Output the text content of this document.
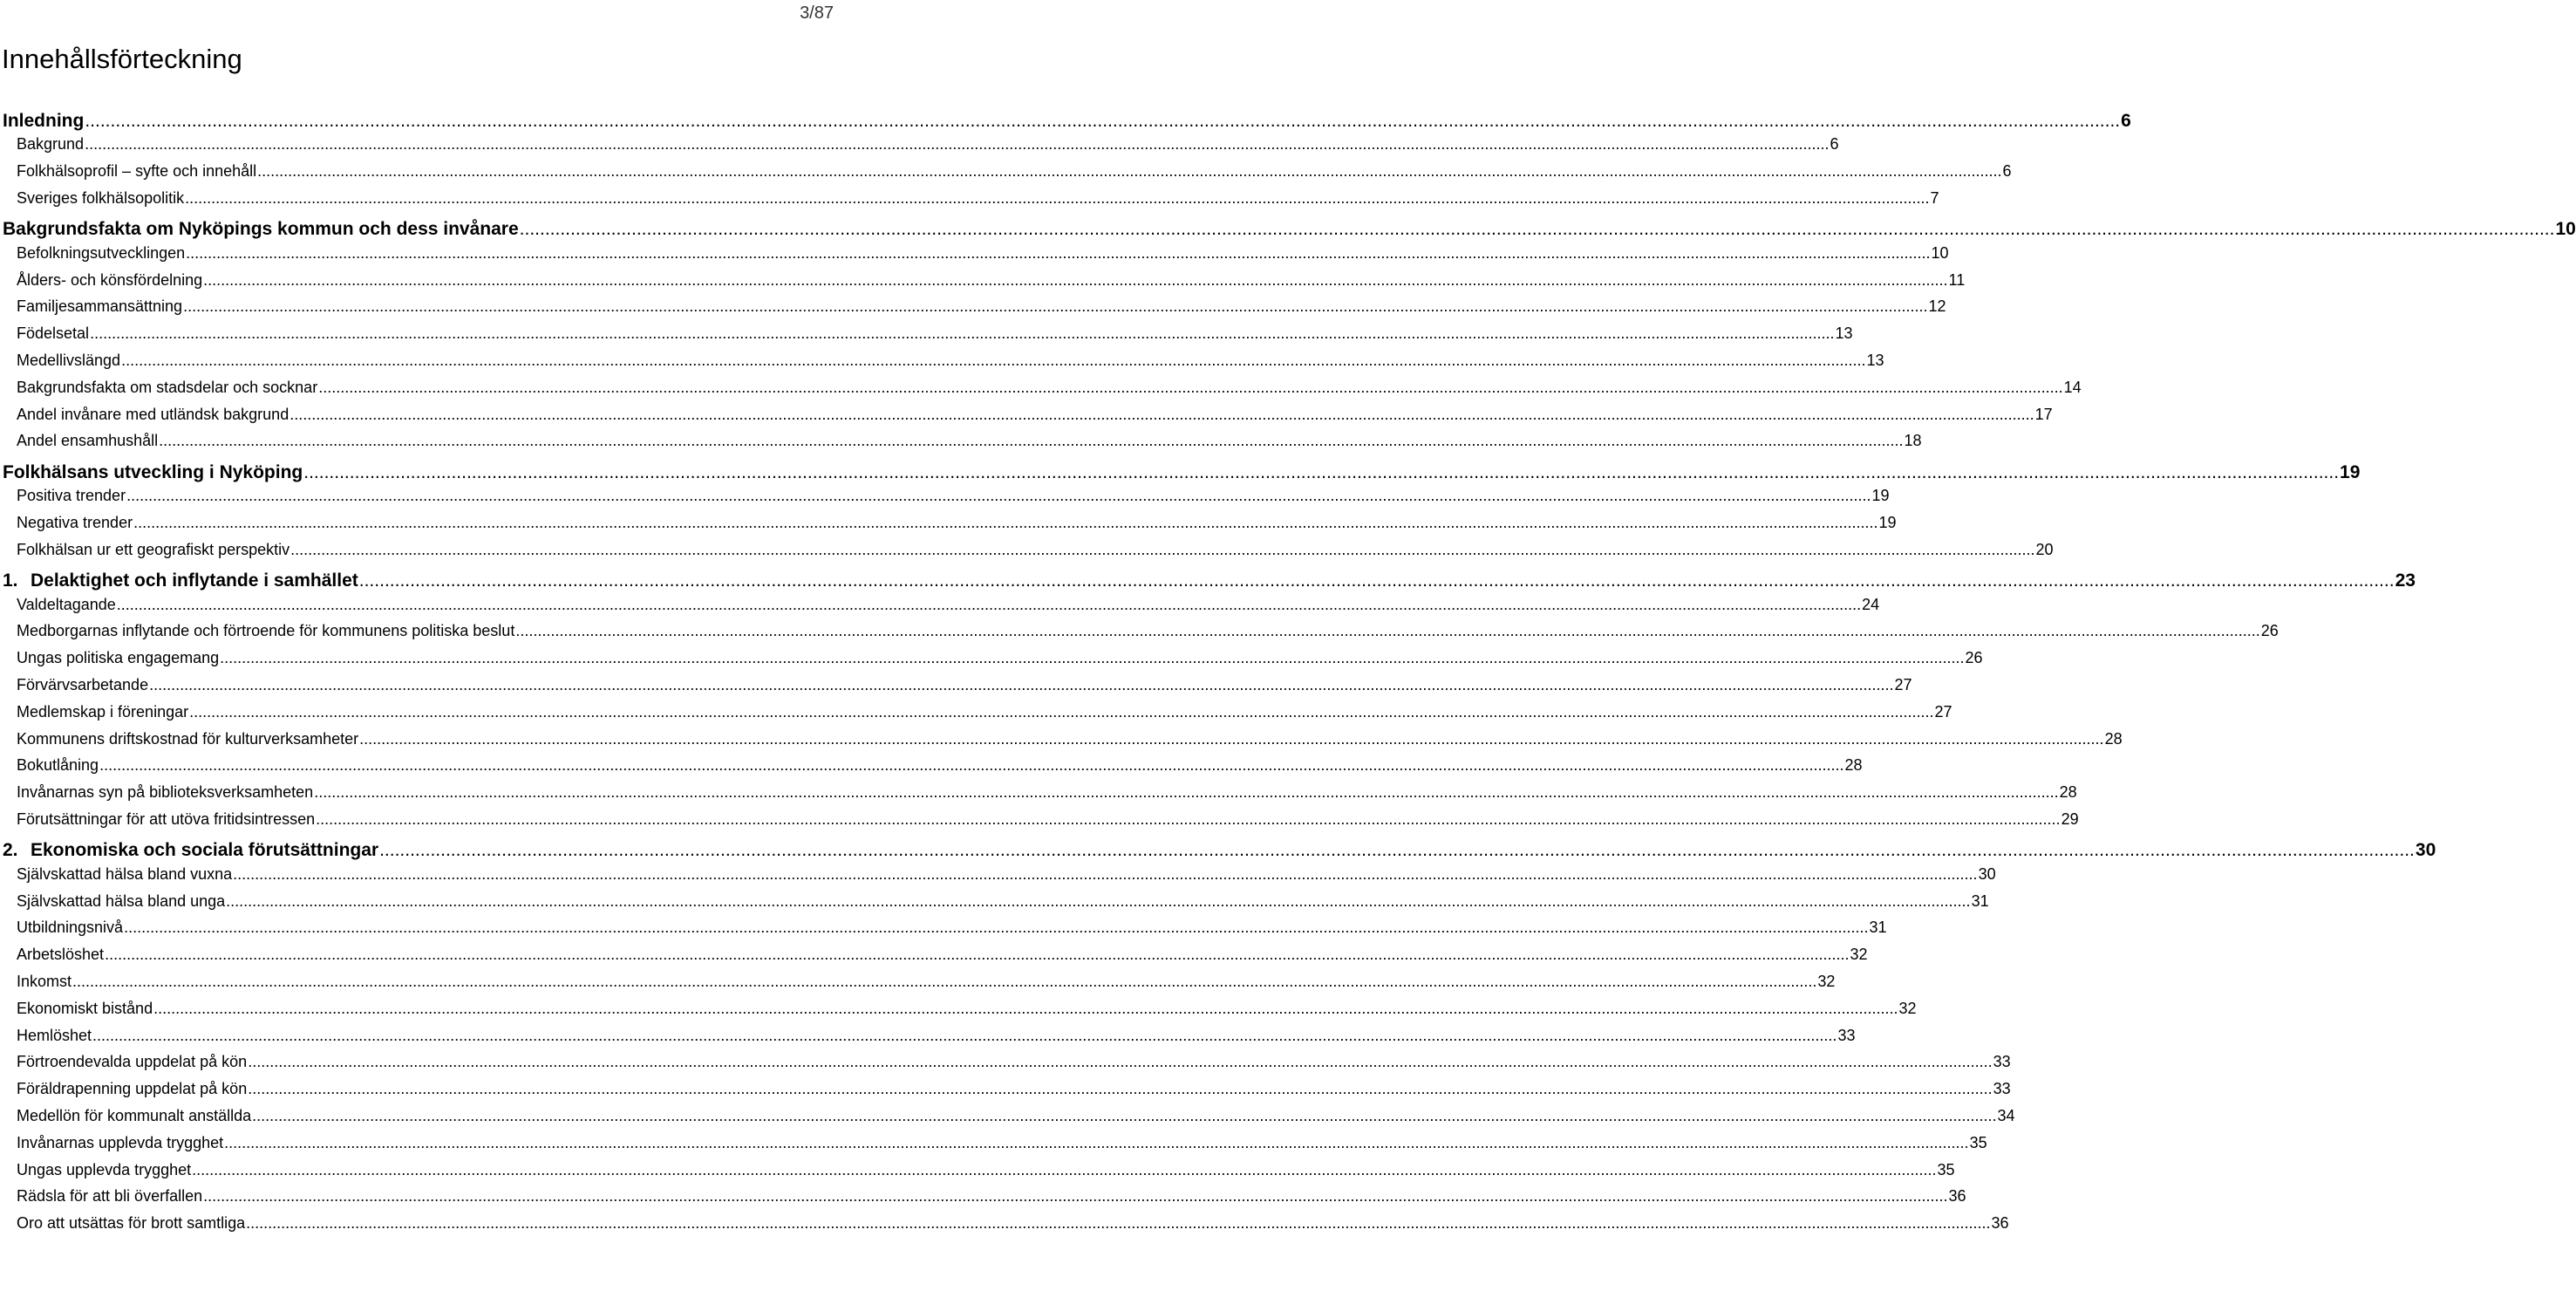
3/87
Innehållsförteckning
Inledning ................................................................................................................................................................................................................................................................................................................................................................................................................ 6
Bakgrund ................................................................................................................................................................................................................................................................................................................................................................................................................ 6
Folkhälsoprofil – syfte och innehåll ................................................................................................................................................................................................................................................................................................................................................................................................................ 6
Sveriges folkhälsopolitik ................................................................................................................................................................................................................................................................................................................................................................................................................ 7
Bakgrundsfakta om Nyköpings kommun och dess invånare ................................................................................................................................................................................................................................................................................................................................................................................................................ 10
Befolkningsutvecklingen ................................................................................................................................................................................................................................................................................................................................................................................................................ 10
Ålders- och könsfördelning ................................................................................................................................................................................................................................................................................................................................................................................................................ 11
Familjesammansättning ................................................................................................................................................................................................................................................................................................................................................................................................................ 12
Födelsetal ................................................................................................................................................................................................................................................................................................................................................................................................................ 13
Medellivslängd ................................................................................................................................................................................................................................................................................................................................................................................................................ 13
Bakgrundsfakta om stadsdelar och socknar ................................................................................................................................................................................................................................................................................................................................................................................................................ 14
Andel invånare med utländsk bakgrund ................................................................................................................................................................................................................................................................................................................................................................................................................ 17
Andel ensamhushåll ................................................................................................................................................................................................................................................................................................................................................................................................................ 18
Folkhälsans utveckling i Nyköping ................................................................................................................................................................................................................................................................................................................................................................................................................ 19
Positiva trender ................................................................................................................................................................................................................................................................................................................................................................................................................ 19
Negativa trender ................................................................................................................................................................................................................................................................................................................................................................................................................ 19
Folkhälsan ur ett geografiskt perspektiv ................................................................................................................................................................................................................................................................................................................................................................................................................ 20
1. Delaktighet och inflytande i samhället ................................................................................................................................................................................................................................................................................................................................................................................................................ 23
Valdeltagande ................................................................................................................................................................................................................................................................................................................................................................................................................ 24
Medborgarnas inflytande och förtroende för kommunens politiska beslut ................................................................................................................................................................................................................................................................................................................................................................................................................ 26
Ungas politiska engagemang ................................................................................................................................................................................................................................................................................................................................................................................................................ 26
Förvärvsarbetande ................................................................................................................................................................................................................................................................................................................................................................................................................ 27
Medlemskap i föreningar ................................................................................................................................................................................................................................................................................................................................................................................................................ 27
Kommunens driftskostnad för kulturverksamheter ................................................................................................................................................................................................................................................................................................................................................................................................................ 28
Bokutlåning ................................................................................................................................................................................................................................................................................................................................................................................................................ 28
Invånarnas syn på biblioteksverksamheten ................................................................................................................................................................................................................................................................................................................................................................................................................ 28
Förutsättningar för att utöva fritidsintressen ................................................................................................................................................................................................................................................................................................................................................................................................................ 29
2. Ekonomiska och sociala förutsättningar ................................................................................................................................................................................................................................................................................................................................................................................................................ 30
Självskattad hälsa bland vuxna ................................................................................................................................................................................................................................................................................................................................................................................................................ 30
Självskattad hälsa bland unga ................................................................................................................................................................................................................................................................................................................................................................................................................ 31
Utbildningsnivå ................................................................................................................................................................................................................................................................................................................................................................................................................ 31
Arbetslöshet ................................................................................................................................................................................................................................................................................................................................................................................................................ 32
Inkomst ................................................................................................................................................................................................................................................................................................................................................................................................................ 32
Ekonomiskt bistånd ................................................................................................................................................................................................................................................................................................................................................................................................................ 32
Hemlöshet ................................................................................................................................................................................................................................................................................................................................................................................................................ 33
Förtroendevalda uppdelat på kön ................................................................................................................................................................................................................................................................................................................................................................................................................ 33
Föräldrapenning uppdelat på kön ................................................................................................................................................................................................................................................................................................................................................................................................................ 33
Medellön för kommunalt anställda ................................................................................................................................................................................................................................................................................................................................................................................................................ 34
Invånarnas upplevda trygghet ................................................................................................................................................................................................................................................................................................................................................................................................................ 35
Ungas upplevda trygghet ................................................................................................................................................................................................................................................................................................................................................................................................................ 35
Rädsla för att bli överfallen ................................................................................................................................................................................................................................................................................................................................................................................................................ 36
Oro att utsättas för brott samtliga ................................................................................................................................................................................................................................................................................................................................................................................................................ 36
